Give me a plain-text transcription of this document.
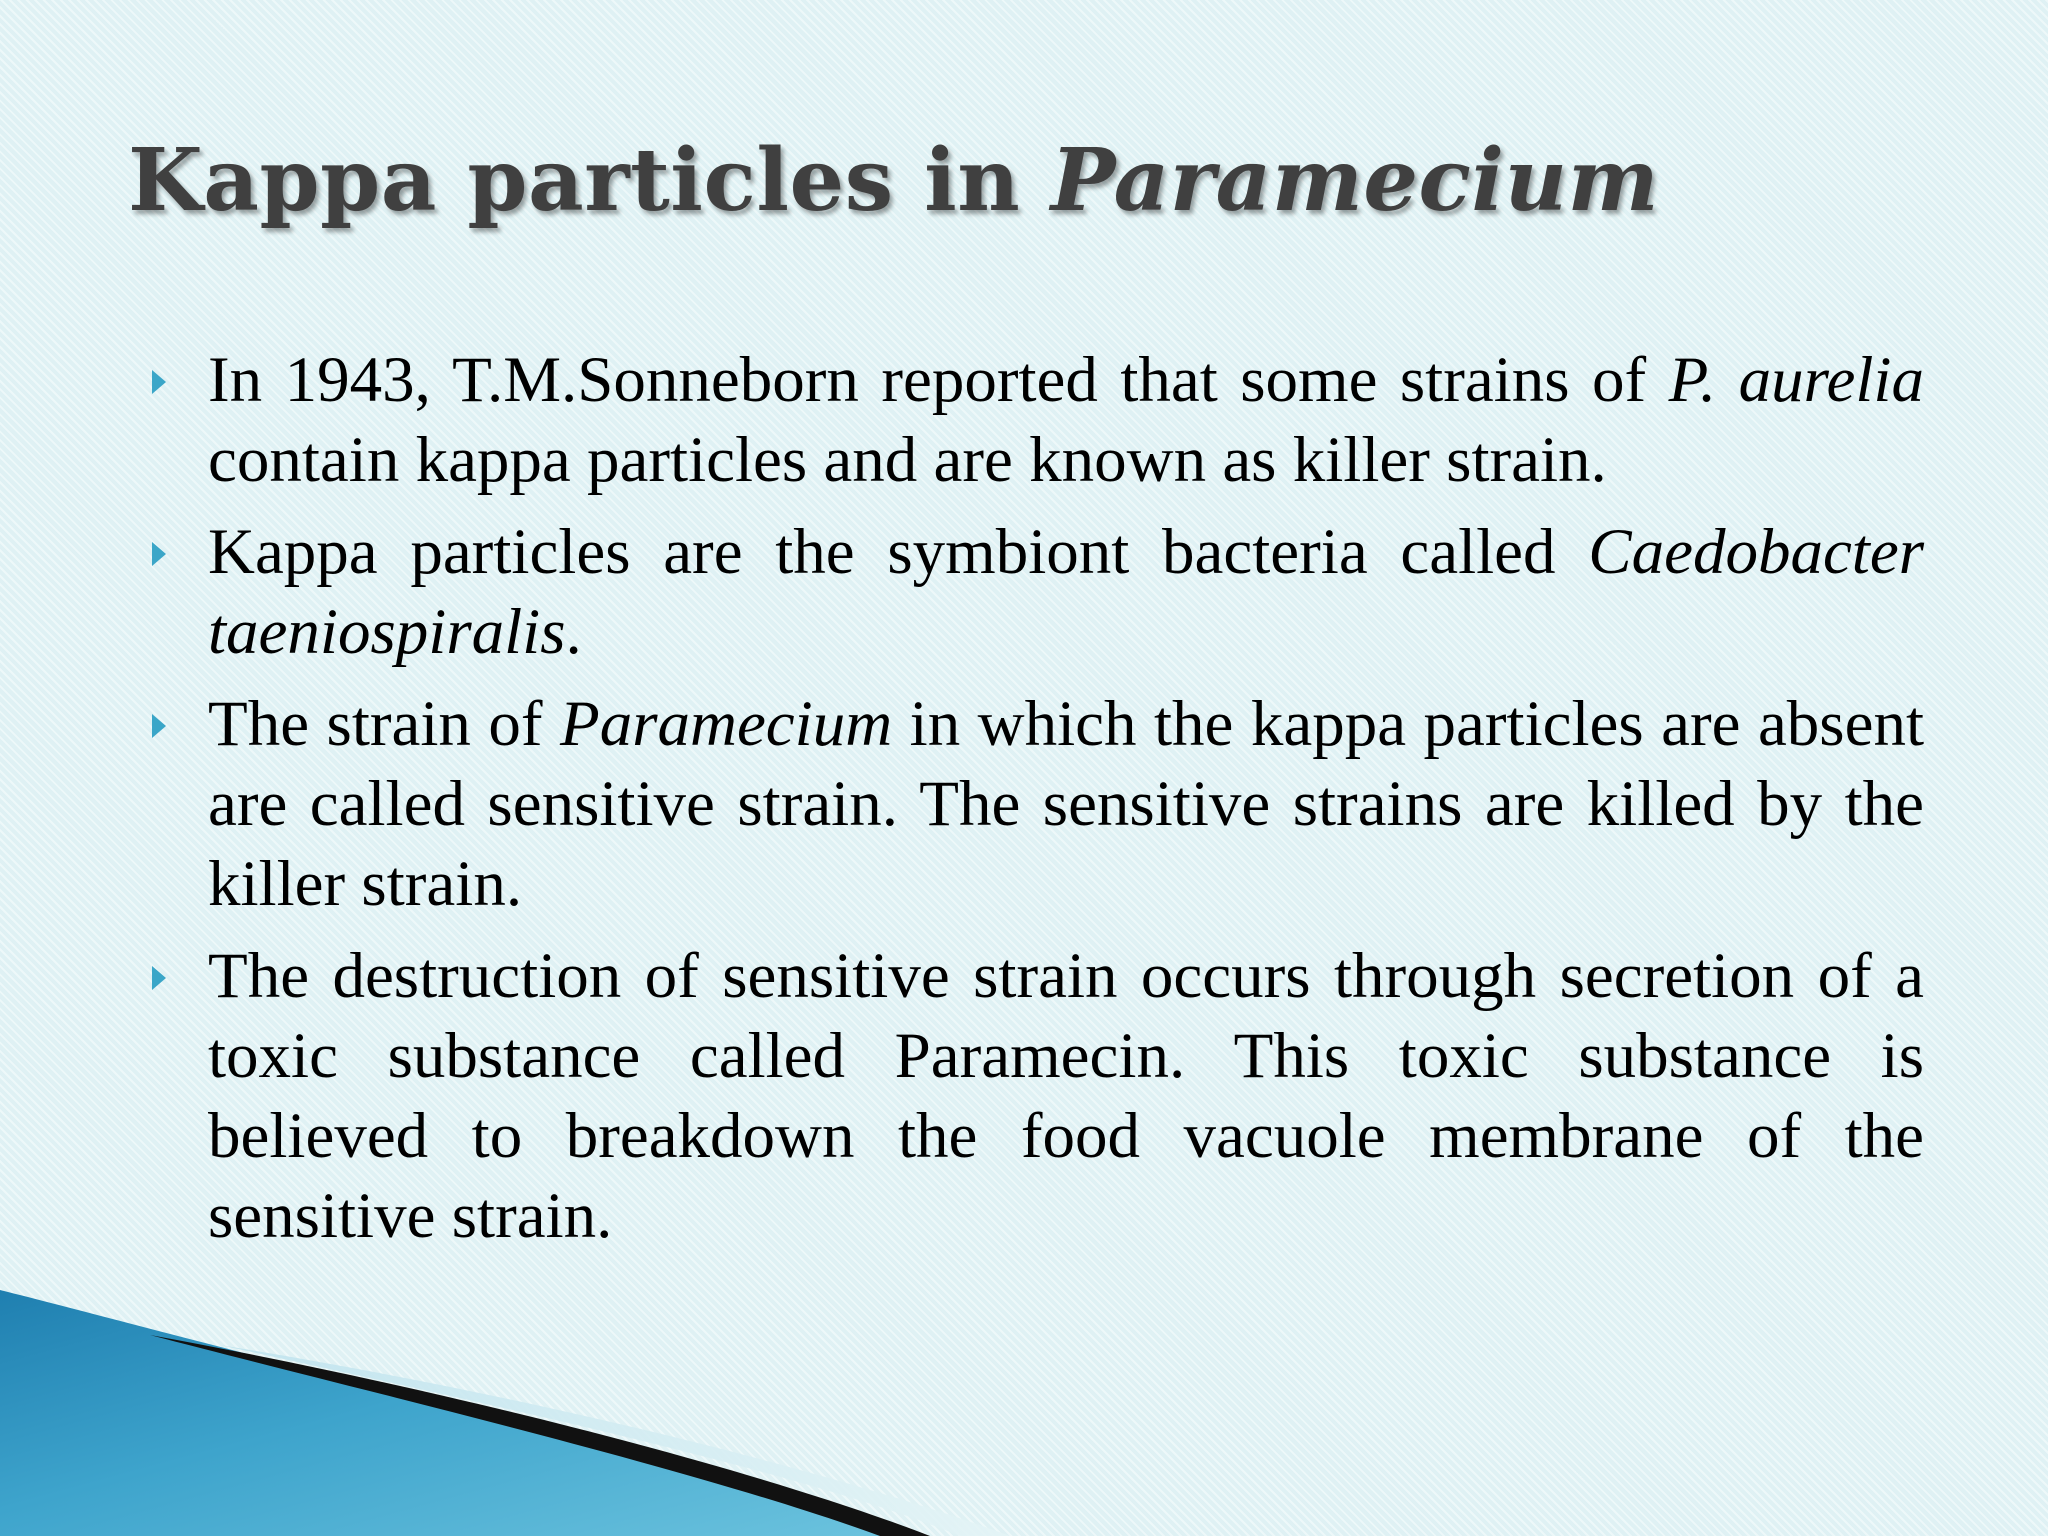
Kappa particles in Paramecium
In 1943, T.M.Sonneborn reported that some strains of P. aurelia contain kappa particles and are known as killer strain.
Kappa particles are the symbiont bacteria called Caedobacter taeniospiralis.
The strain of Paramecium in which the kappa particles are absent are called sensitive strain. The sensitive strains are killed by the killer strain.
The destruction of sensitive strain occurs through secretion of a toxic substance called Paramecin. This toxic substance is believed to breakdown the food vacuole membrane of the sensitive strain.
